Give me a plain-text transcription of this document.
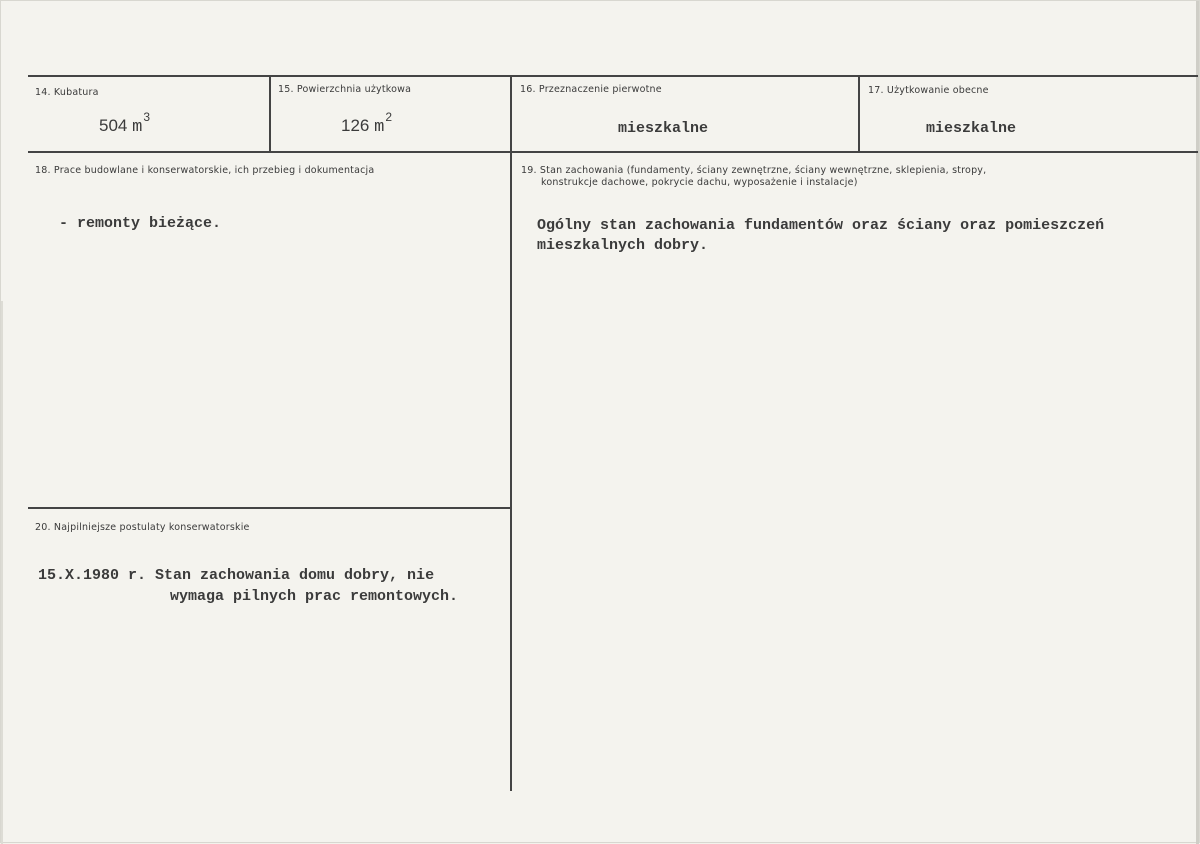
14. Kubatura
504 $m^3$
15. Powierzchnia użytkowa
126 $m^2$
16. Przeznaczenie pierwotne
mieszkalne
17. Użytkowanie obecne
mieszkalne
18. Prace budowlane i konserwatorskie, ich przebieg i dokumentacja
- remonty bieżące.
19. Stan zachowania (fundamenty, ściany zewnętrzne, ściany wewnętrzne, sklepienia, stropy,
konstrukcje dachowe, pokrycie dachu, wyposażenie i instalacje)
Ogólny stan zachowania fundamentów oraz ściany oraz pomieszczeń
mieszkalnych dobry.
20. Najpilniejsze postulaty konserwatorskie
15.X.1980 r. Stan zachowania domu dobry, nie
wymaga pilnych prac remontowych.
